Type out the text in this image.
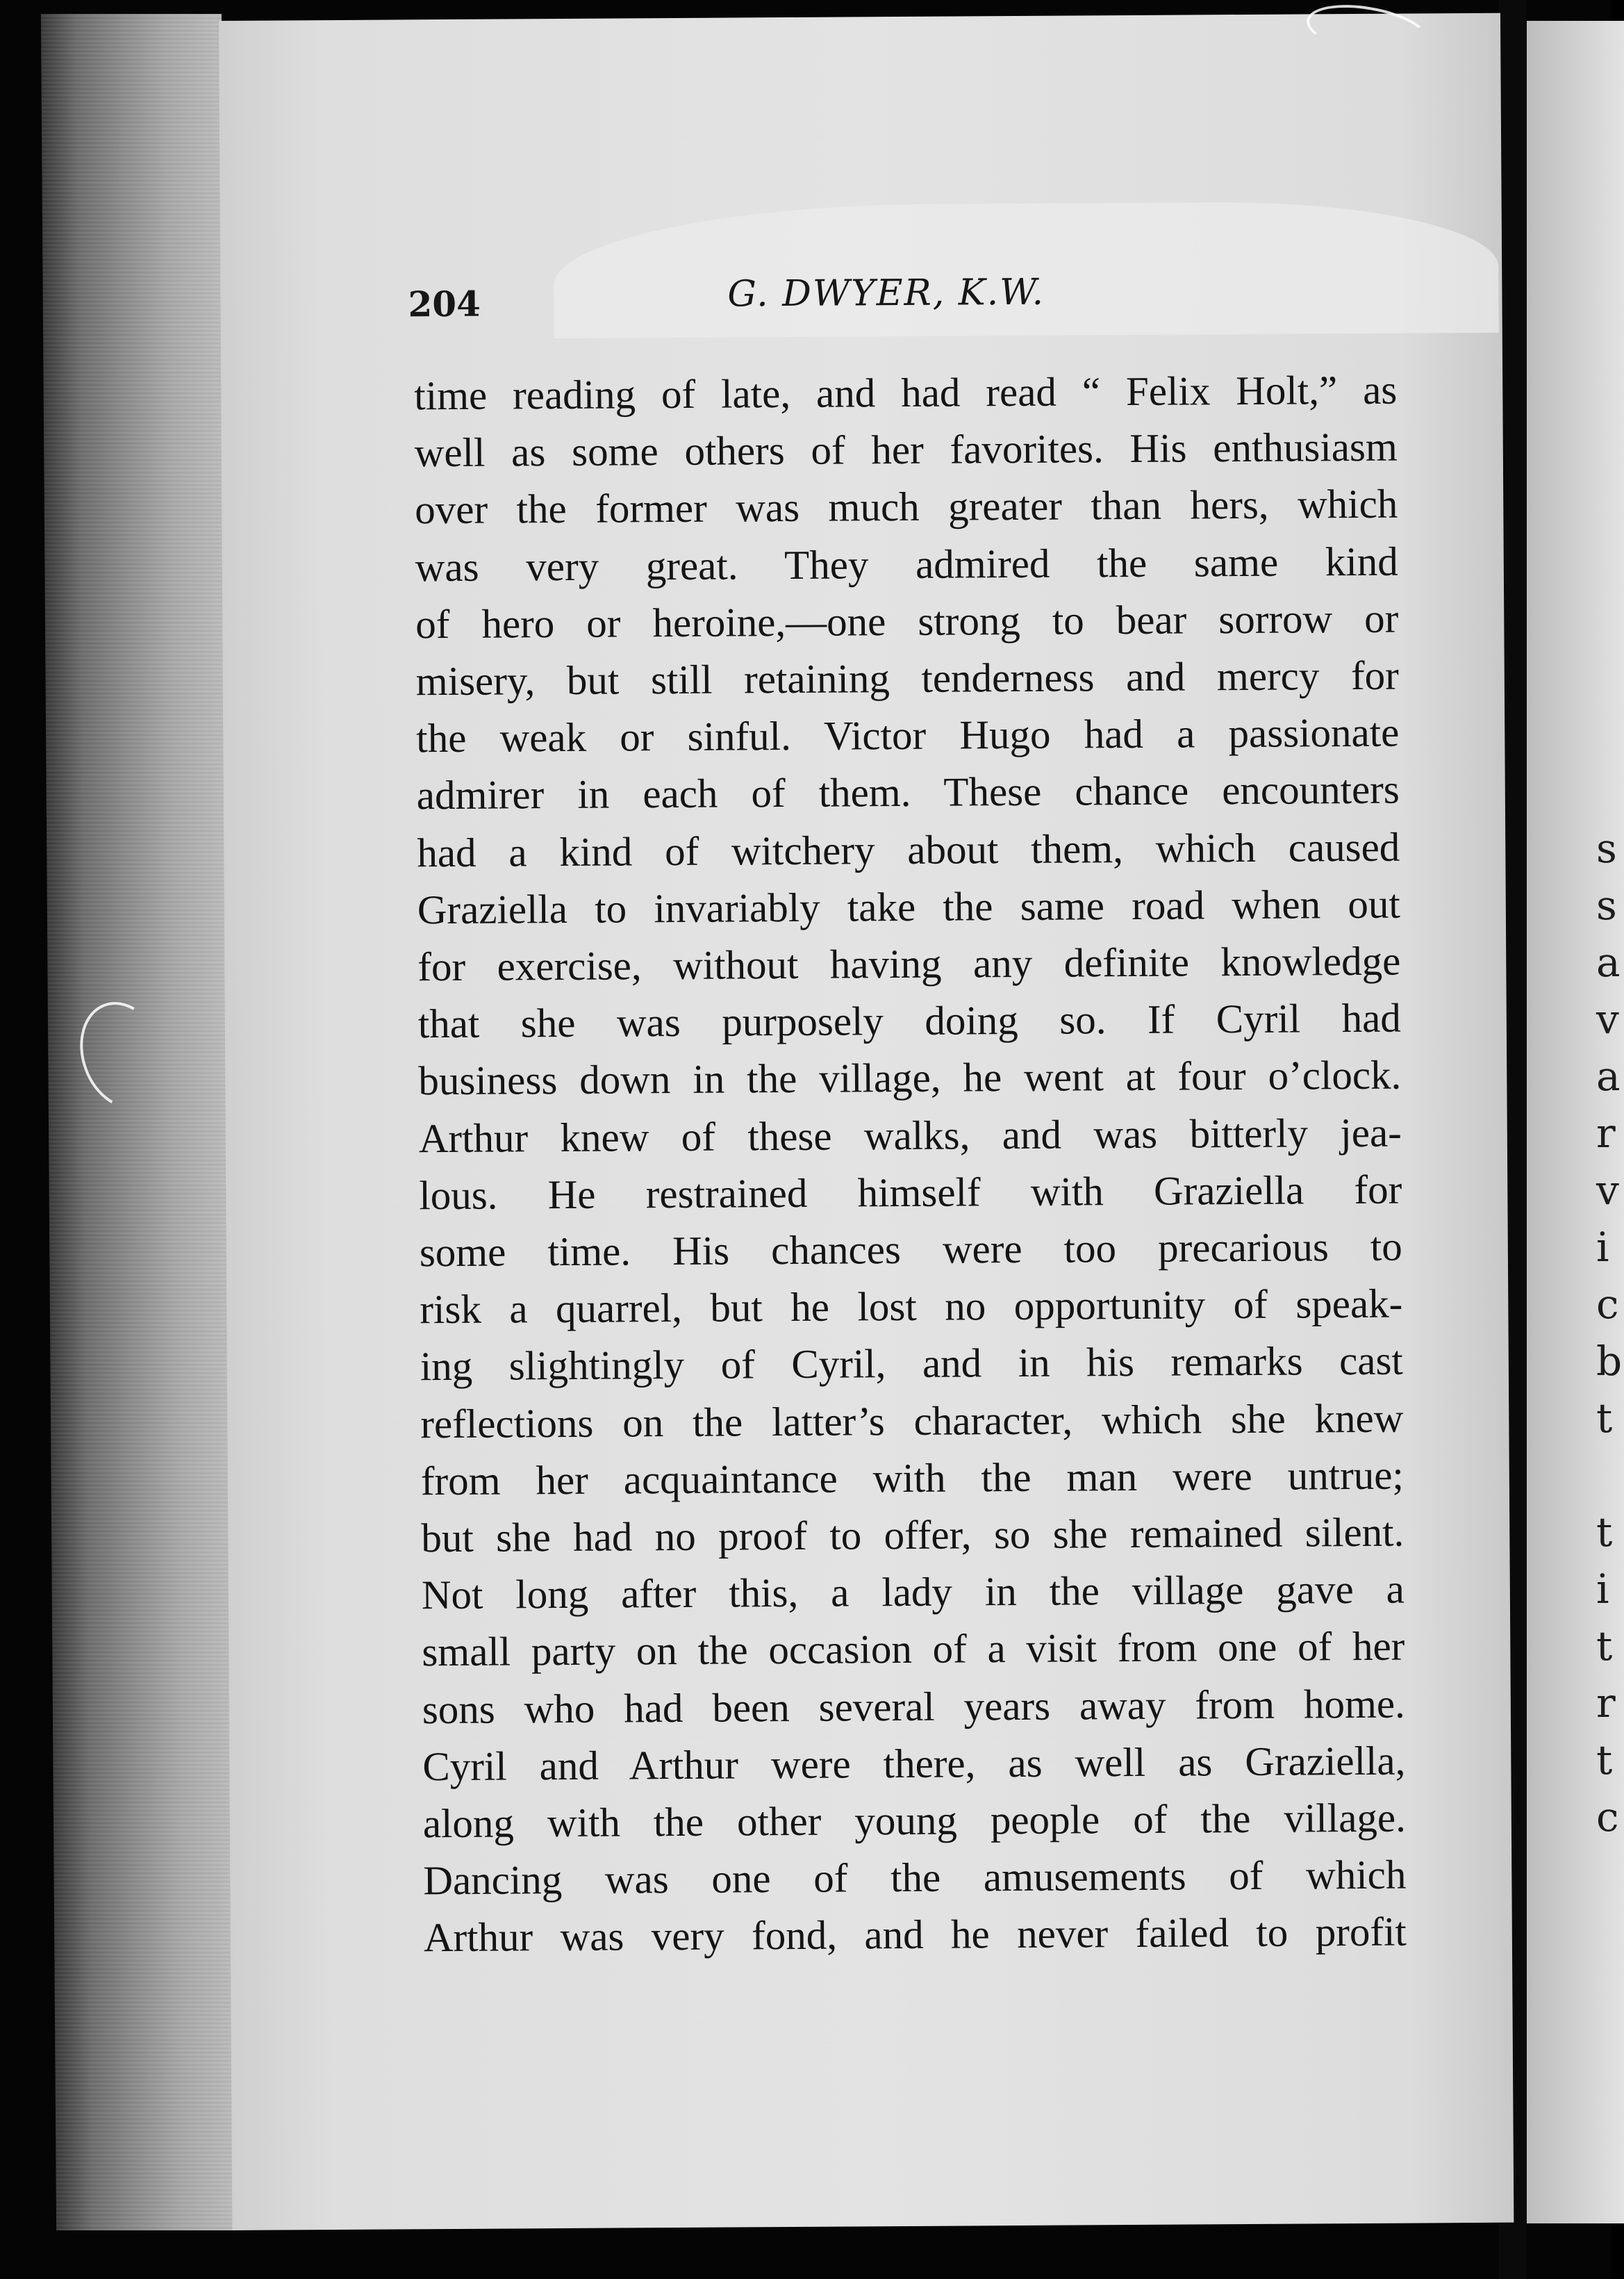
s
s
a
v
a
r
v
i
c
b
t

t
i
t
r
t
c
204	G. DWYER, K.W.
time reading of late, and had read “ Felix Holt,” as
well as some others of her favorites. His enthusiasm
over the former was much greater than hers, which
was very great. They admired the same kind
of hero or heroine,—one strong to bear sorrow or
misery, but still retaining tenderness and mercy for
the weak or sinful. Victor Hugo had a passionate
admirer in each of them. These chance encounters
had a kind of witchery about them, which caused
Graziella to invariably take the same road when out
for exercise, without having any definite knowledge
that she was purposely doing so. If Cyril had
business down in the village, he went at four o’clock.
Arthur knew of these walks, and was bitterly jea-
lous. He restrained himself with Graziella for
some time. His chances were too precarious to
risk a quarrel, but he lost no opportunity of speak-
ing slightingly of Cyril, and in his remarks cast
reflections on the latter’s character, which she knew
from her acquaintance with the man were untrue;
but she had no proof to offer, so she remained silent.
Not long after this, a lady in the village gave a
small party on the occasion of a visit from one of her
sons who had been several years away from home.
Cyril and Arthur were there, as well as Graziella,
along with the other young people of the village.
Dancing was one of the amusements of which
Arthur was very fond, and he never failed to profit
